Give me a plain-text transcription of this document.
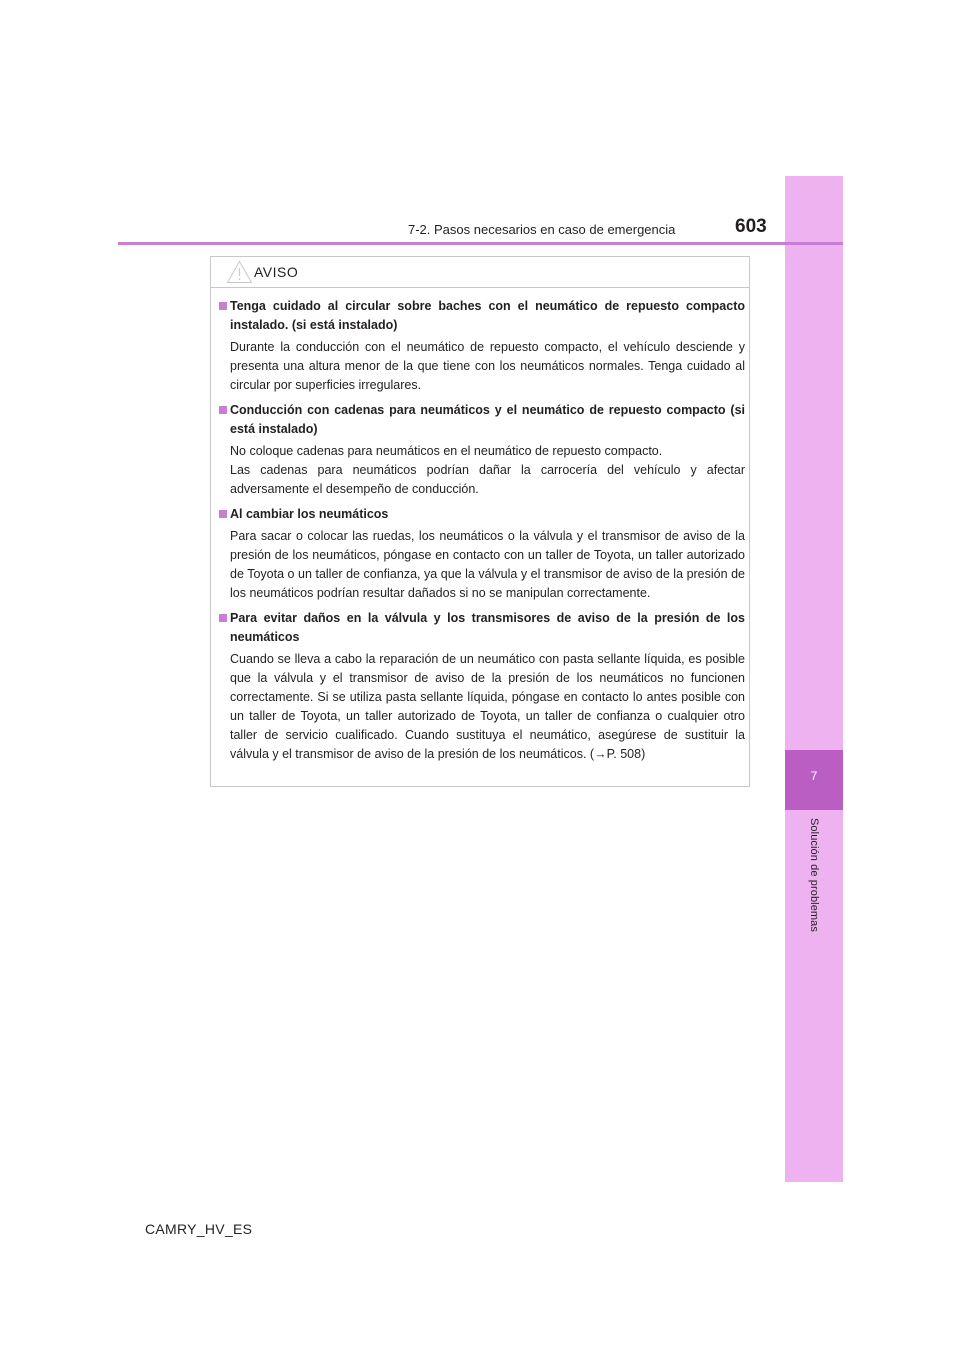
7
Solución de problemas
7-2. Pasos necesarios en caso de emergencia	603
AVISO
Tenga cuidado al circular sobre baches con el neumático de repuesto compacto instalado. (si está instalado)
Durante la conducción con el neumático de repuesto compacto, el vehículo desciende y presenta una altura menor de la que tiene con los neumáticos normales. Tenga cuidado al circular por superficies irregulares.
Conducción con cadenas para neumáticos y el neumático de repuesto compacto (si está instalado)
No coloque cadenas para neumáticos en el neumático de repuesto compacto.
Las cadenas para neumáticos podrían dañar la carrocería del vehículo y afectar adversamente el desempeño de conducción.
Al cambiar los neumáticos
Para sacar o colocar las ruedas, los neumáticos o la válvula y el transmisor de aviso de la presión de los neumáticos, póngase en contacto con un taller de Toyota, un taller autorizado de Toyota o un taller de confianza, ya que la válvula y el transmisor de aviso de la presión de los neumáticos podrían resultar dañados si no se manipulan correctamente.
Para evitar daños en la válvula y los transmisores de aviso de la presión de los neumáticos
Cuando se lleva a cabo la reparación de un neumático con pasta sellante líquida, es posible que la válvula y el transmisor de aviso de la presión de los neumáticos no funcionen correctamente. Si se utiliza pasta sellante líquida, póngase en contacto lo antes posible con un taller de Toyota, un taller autorizado de Toyota, un taller de confianza o cualquier otro taller de servicio cualificado. Cuando sustituya el neumático, asegúrese de sustituir la válvula y el transmisor de aviso de la presión de los neumáticos. (→P. 508)
CAMRY_HV_ES
